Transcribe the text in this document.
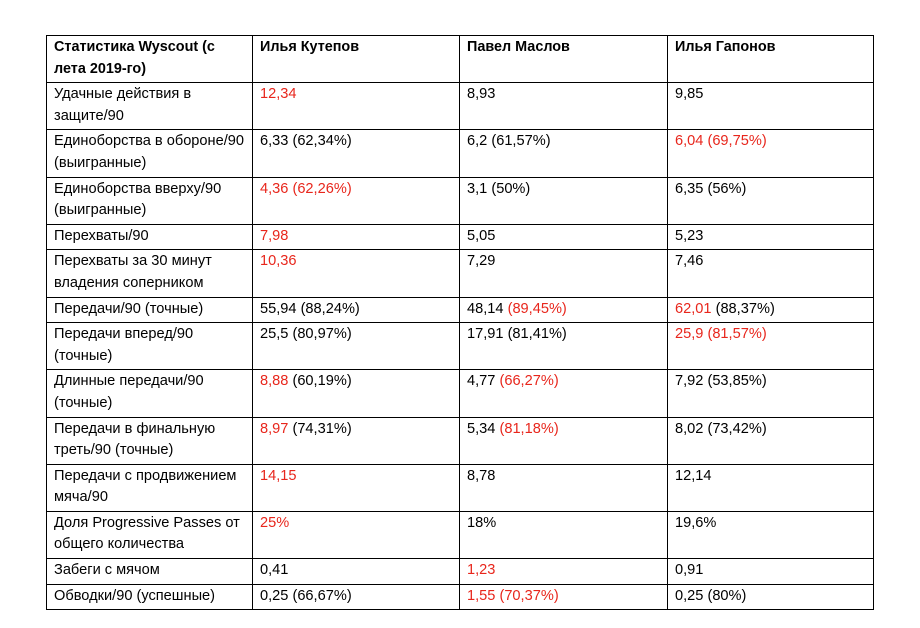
Статистика Wyscout (с лета 2019-го)	Илья Кутепов	Павел Маслов	Илья Гапонов
Удачные действия в защите/90	12,34	8,93	9,85
Единоборства в обороне/90 (выигранные)	6,33 (62,34%)	6,2 (61,57%)	6,04 (69,75%)
Единоборства вверху/90 (выигранные)	4,36 (62,26%)	3,1 (50%)	6,35 (56%)
Перехваты/90	7,98	5,05	5,23
Перехваты за 30 минут владения соперником	10,36	7,29	7,46
Передачи/90 (точные)	55,94 (88,24%)	48,14 (89,45%)	62,01 (88,37%)
Передачи вперед/90 (точные)	25,5 (80,97%)	17,91 (81,41%)	25,9 (81,57%)
Длинные передачи/90 (точные)	8,88 (60,19%)	4,77 (66,27%)	7,92 (53,85%)
Передачи в финальную треть/90 (точные)	8,97 (74,31%)	5,34 (81,18%)	8,02 (73,42%)
Передачи с продвижением мяча/90	14,15	8,78	12,14
Доля Progressive Passes от общего количества	25%	18%	19,6%
Забеги с мячом	0,41	1,23	0,91
Обводки/90 (успешные)	0,25 (66,67%)	1,55 (70,37%)	0,25 (80%)
